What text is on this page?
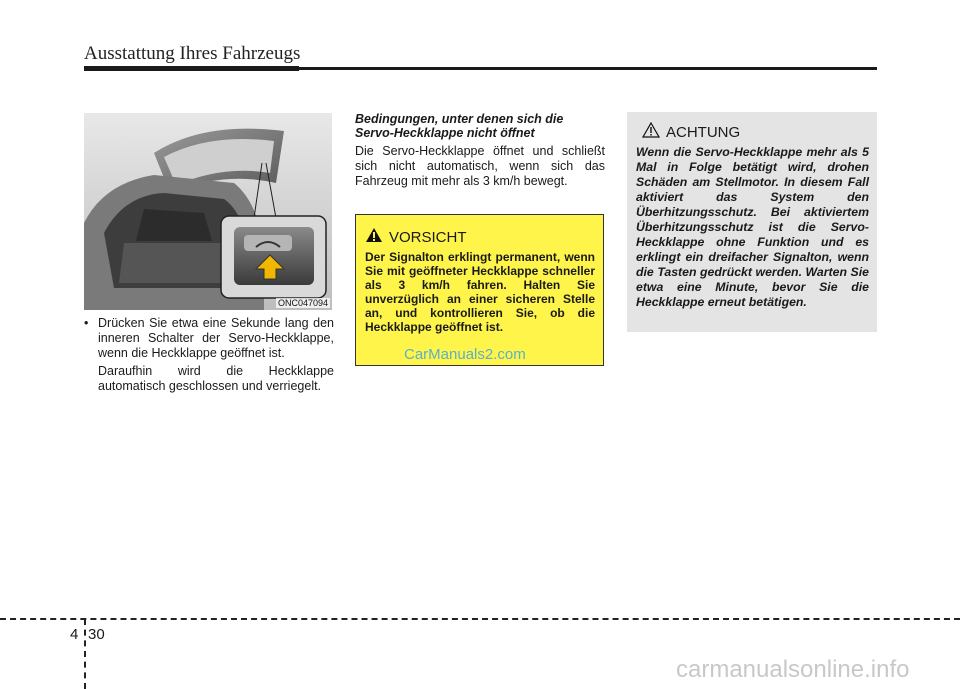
Ausstattung Ihres Fahrzeugs
ONC047094
• Drücken Sie etwa eine Sekunde lang den inneren Schalter der Servo-Heckklappe, wenn die Heckklappe geöffnet ist.

Daraufhin wird die Heckklappe automatisch geschlossen und verriegelt.

Bedingungen, unter denen sich die Servo-Heckklappe nicht öffnet

Die Servo-Heckklappe öffnet und schließt sich nicht automatisch, wenn sich das Fahrzeug mit mehr als 3 km/h bewegt.

VORSICHT

Der Signalton erklingt permanent, wenn Sie mit geöffneter Heckklappe schneller als 3 km/h fahren. Halten Sie unverzüglich an einer sicheren Stelle an, und kontrollieren Sie, ob die Heckklappe geöffnet ist.

CarManuals2.com
ACHTUNG

Wenn die Servo-Heckklappe mehr als 5 Mal in Folge betätigt wird, drohen Schäden am Stellmotor. In diesem Fall aktiviert das System den Überhitzungsschutz. Bei aktiviertem Überhitzungsschutz ist die Servo-Heckklappe ohne Funktion und es erklingt ein dreifacher Signalton, wenn die Tasten gedrückt werden. Warten Sie etwa eine Minute, bevor Sie die Heckklappe erneut betätigen.

4 30
carmanualsonline.info
